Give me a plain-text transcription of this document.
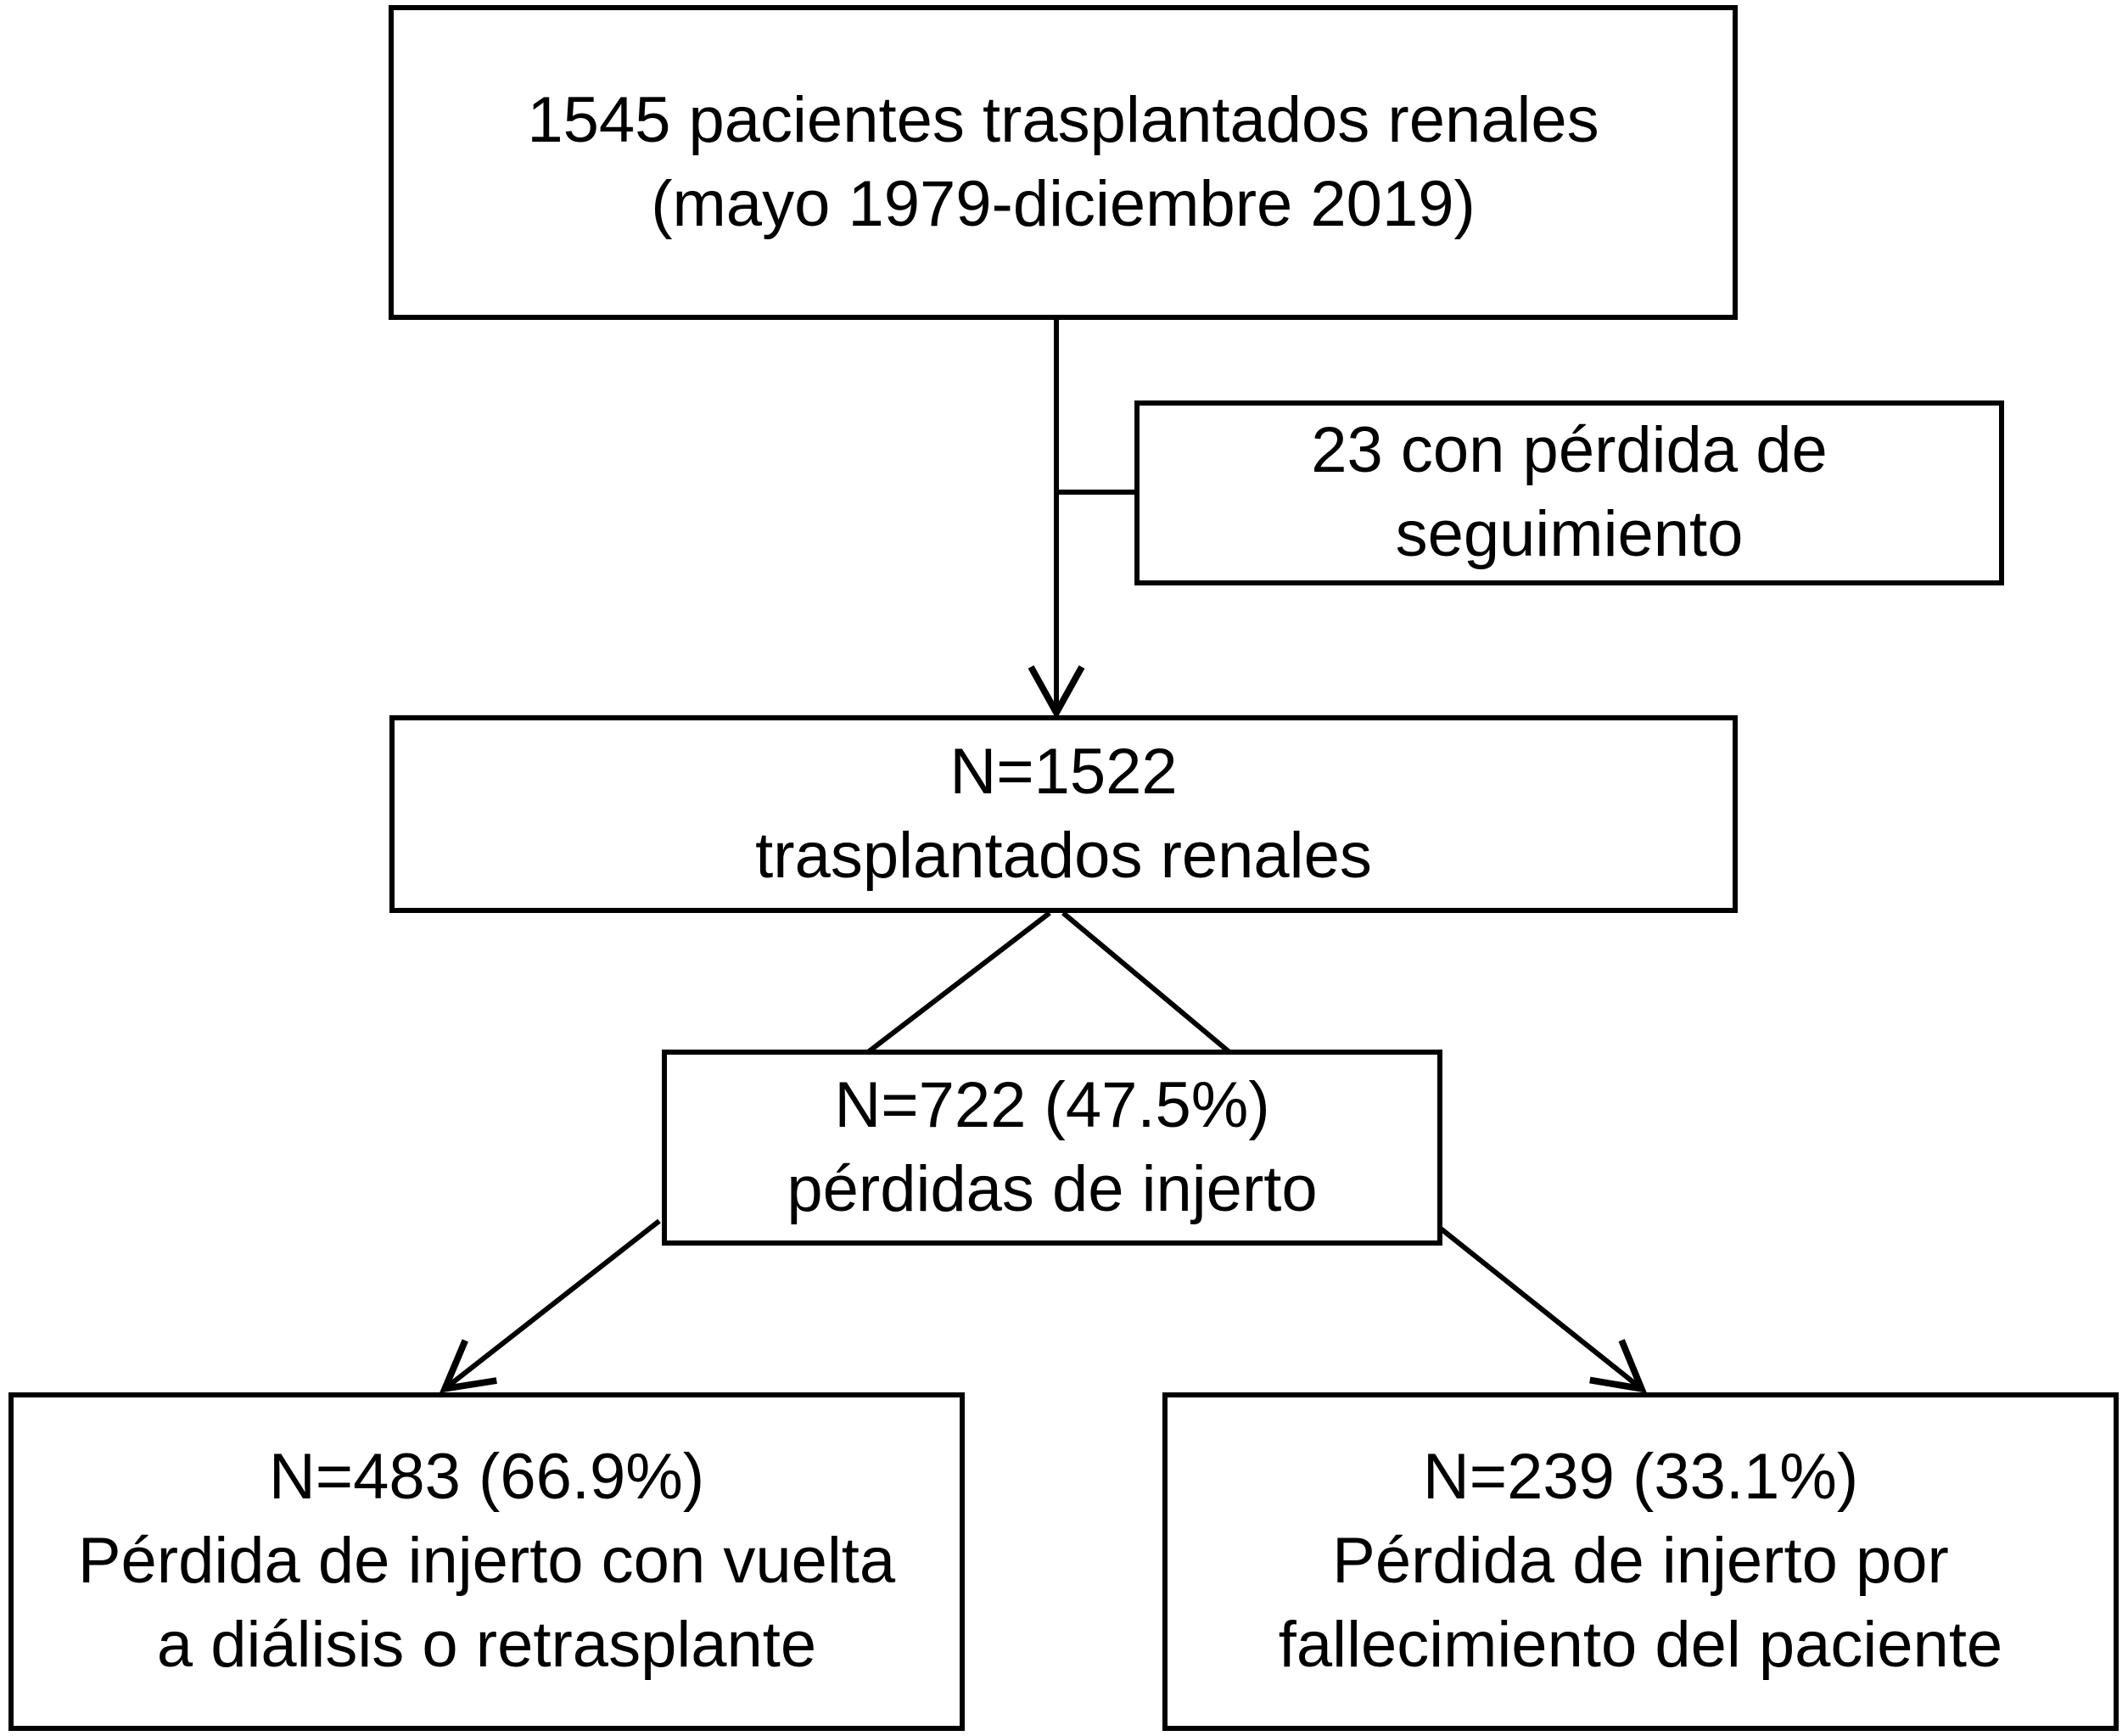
1545 pacientes trasplantados renales
(mayo 1979-diciembre 2019)
23 con pérdida de
seguimiento
N=1522
trasplantados renales
N=722 (47.5%)
pérdidas de injerto
N=483 (66.9%)
Pérdida de injerto con vuelta
a diálisis o retrasplante
N=239 (33.1%)
Pérdida de injerto por
fallecimiento del paciente
